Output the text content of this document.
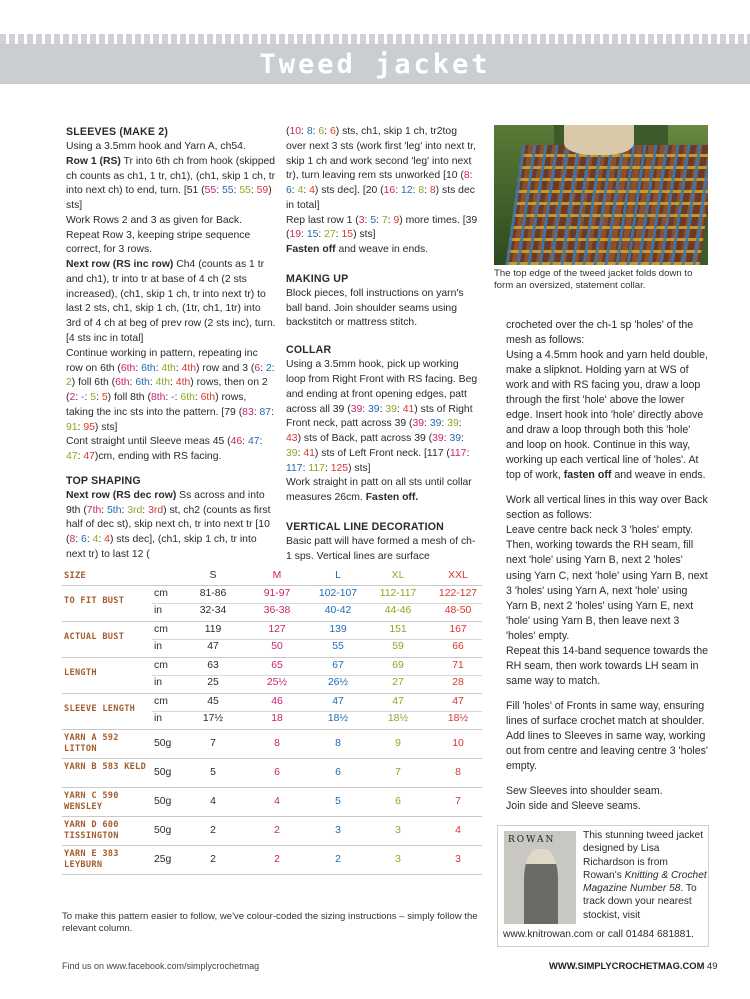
Tweed jacket

SLEEVES (MAKE 2)

Using a 3.5mm hook and Yarn A, ch54.

Row 1 (RS) Tr into 6th ch from hook (skipped ch counts as ch1, 1 tr, ch1), (ch1, skip 1 ch, tr into next ch) to end, turn. [51 (55: 55: 55: 59) sts]

Work Rows 2 and 3 as given for Back. Repeat Row 3, keeping stripe sequence correct, for 3 rows.

Next row (RS inc row) Ch4 (counts as 1 tr and ch1), tr into tr at base of 4 ch (2 sts increased), (ch1, skip 1 ch, tr into next tr) to last 2 sts, ch1, skip 1 ch, (1tr, ch1, 1tr) into 3rd of 4 ch at beg of prev row (2 sts inc), turn. [4 sts inc in total]

Continue working in pattern, repeating inc row on 6th (6th: 6th: 4th: 4th) row and 3 (6: 2: 2) foll 6th (6th: 6th: 4th: 4th) rows, then on 2 (2: -: 5: 5) foll 8th (8th: -: 6th: 6th) rows, taking the inc sts into the pattern. [79 (83: 87: 91: 95) sts]

Cont straight until Sleeve meas 45 (46: 47: 47: 47)cm, ending with RS facing.

TOP SHAPING

Next row (RS dec row) Ss across and into 9th (7th: 5th: 3rd: 3rd) st, ch2 (counts as first half of dec st), skip next ch, tr into next tr [10 (8: 6: 4: 4) sts dec], (ch1, skip 1 ch, tr into next tr) to last 12 (

(10: 8: 6: 6) sts, ch1, skip 1 ch, tr2tog over next 3 sts (work first 'leg' into next tr, skip 1 ch and work second 'leg' into next tr), turn leaving rem sts unworked [10 (8: 6: 4: 4) sts dec]. [20 (16: 12: 8: 8) sts dec in total]

Rep last row 1 (3: 5: 7: 9) more times. [39 (19: 15: 27: 15) sts]

Fasten off and weave in ends.

MAKING UP

Block pieces, foll instructions on yarn's ball band. Join shoulder seams using backstitch or mattress stitch.

COLLAR

Using a 3.5mm hook, pick up working loop from Right Front with RS facing. Beg and ending at front opening edges, patt across all 39 (39: 39: 39: 41) sts of Right Front neck, patt across 39 (39: 39: 39: 43) sts of Back, patt across 39 (39: 39: 39: 41) sts of Left Front neck. [117 (117: 117: 117: 125) sts]

Work straight in patt on all sts until collar measures 26cm. Fasten off.

VERTICAL LINE DECORATION

Basic patt will have formed a mesh of ch-1 sps. Vertical lines are surface

The top edge of the tweed jacket folds down to form an oversized, statement collar.

crocheted over the ch-1 sp 'holes' of the mesh as follows:

Using a 4.5mm hook and yarn held double, make a slipknot. Holding yarn at WS of work and with RS facing you, draw a loop through the first 'hole' above the lower edge. Insert hook into 'hole' directly above and draw a loop through both this 'hole' and loop on hook. Continue in this way, working up each vertical line of 'holes'. At top of work, fasten off and weave in ends.

Work all vertical lines in this way over Back section as follows:

Leave centre back neck 3 'holes' empty. Then, working towards the RH seam, fill next 'hole' using Yarn B, next 2 'holes' using Yarn C, next 'hole' using Yarn B, next 3 'holes' using Yarn A, next 'hole' using Yarn B, next 2 'holes' using Yarn E, next 'hole' using Yarn B, then leave next 3 'holes' empty.

Repeat this 14-band sequence towards the RH seam, then work towards LH seam in same way to match.

Fill 'holes' of Fronts in same way, ensuring lines of surface crochet match at shoulder. Add lines to Sleeves in same way, working out from centre and leaving centre 3 'holes' empty.

Sew Sleeves into shoulder seam.

Join side and Sleeve seams.

SIZE	S	M	L	XL	XXL
TO FIT BUST
cm	81-86	91-97	102-107	112-117	122-127
in	32-34	36-38	40-42	44-46	48-50
ACTUAL BUST
cm	119	127	139	151	167
in	47	50	55	59	66
LENGTH
cm	63	65	67	69	71
in	25	25½	26½	27	28
SLEEVE LENGTH
cm	45	46	47	47	47
in	17½	18	18½	18½	18½
YARN A 592 LITTON
50g	7	8	8	9	10
YARN B 583 KELD 50g	5	6	6	7	8
YARN C 590 WENSLEY
50g	4	4	5	6	7
YARN D 600 TISSINGTON
50g	2	2	3	3	4
YARN E 383 LEYBURN
25g	2	2	2	3	3

To make this pattern easier to follow, we've colour-coded the sizing instructions – simply follow the relevant column.

ROWAN	This stunning tweed jacket designed by Lisa Richardson is from Rowan's Knitting & Crochet Magazine Number 58. To track down your nearest stockist, visit

www.knitrowan.com or call 01484 681881.

Find us on www.facebook.com/simplycrochetmag	WWW.SIMPLYCROCHETMAG.COM 49
